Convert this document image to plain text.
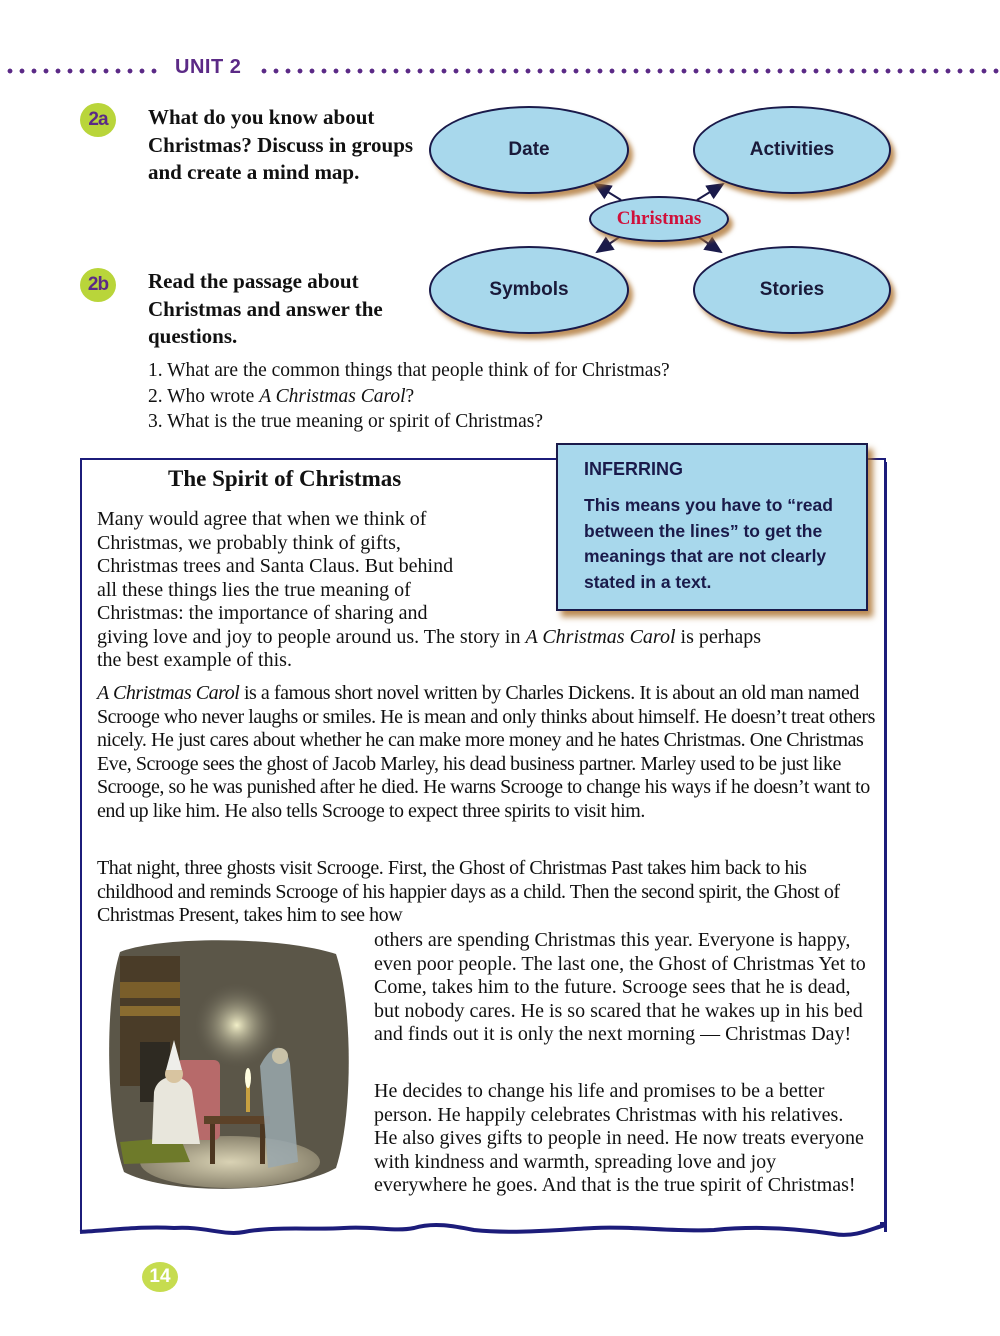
UNIT 2
2a	What do you know about Christmas? Discuss in groups and create a mind map.
2b	Read the passage about Christmas and answer the questions.
Date	Activities
Christmas
Symbols	Stories
1. What are the common things that people think of for Christmas?
2. Who wrote A Christmas Carol?
3. What is the true meaning or spirit of Christmas?
The Spirit of Christmas
Many would agree that when we think of
Christmas, we probably think of gifts,
Christmas trees and Santa Claus. But behind
all these things lies the true meaning of
Christmas: the importance of sharing and
giving love and joy to people around us. The story in A Christmas Carol is perhaps
the best example of this.
INFERRING
This means you have to “read between the lines” to get the meanings that are not clearly stated in a text.
A Christmas Carol is a famous short novel written by Charles Dickens. It is about an old man named Scrooge who never laughs or smiles. He is mean and only thinks about himself. He doesn’t treat others nicely. He just cares about whether he can make more money and he hates Christmas. One Christmas Eve, Scrooge sees the ghost of Jacob Marley, his dead business partner. Marley used to be just like Scrooge, so he was punished after he died. He warns Scrooge to change his ways if he doesn’t want to end up like him. He also tells Scrooge to expect three spirits to visit him.
That night, three ghosts visit Scrooge. First, the Ghost of Christmas Past takes him back to his childhood and reminds Scrooge of his happier days as a child. Then the second spirit, the Ghost of Christmas Present, takes him to see how
others are spending Christmas this year. Everyone is happy, even poor people. The last one, the Ghost of Christmas Yet to Come, takes him to the future. Scrooge sees that he is dead, but nobody cares. He is so scared that he wakes up in his bed and finds out it is only the next morning — Christmas Day!
He decides to change his life and promises to be a better person. He happily celebrates Christmas with his relatives. He also gives gifts to people in need. He now treats everyone with kindness and warmth, spreading love and joy everywhere he goes. And that is the true spirit of Christmas!
14
